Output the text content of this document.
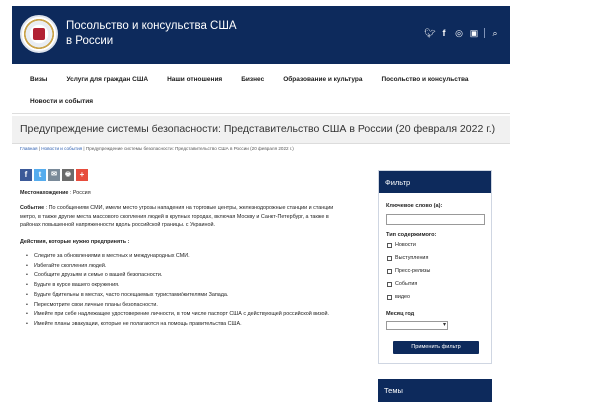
Посольство и консульства США
в России
🐦︎ f	◎ ▣ ⌕
Визы	Услуги для граждан США	Наши отношения	Бизнес	Образование и культура	Посольство и консульства
Новости и события
Предупреждение системы безопасности: Представительство США в России (20 февраля 2022 г.)
Главная | Новости и события | Предупреждение системы безопасности: Представительство США в России (20 февраля 2022 г.)
f	t	✉	🖶	+
Местонахождение : Россия
Событие : По сообщениям СМИ, имели место угрозы нападения на торговые центры, железнодорожные станции и станции метро, в также другие места массового скопления людей в крупных городах, включая Москву и Санкт-Петербург, а также в районах повышенной напряженности вдоль российской границы. с Украиной.
Действия, которые нужно предпринять :
• Следите за обновлениями в местных и международных СМИ.
• Избегайте скопления людей.
• Сообщите друзьям и семье о вашей безопасности.
• Будьте в курсе вашего окружения.
• Будьте бдительны в местах, часто посещаемых туристами/жителями Запада.
• Пересмотрите свои личные планы безопасности.
• Имейте при себе надлежащее удостоверение личности, в том числе паспорт США с действующей российской визой.
• Имейте планы эвакуации, которые не полагаются на помощь правительства США.
Фильтр
Ключевое слово (a):
Тип содержимого:
Новости
Выступления
Пресс-релизы
События
видео
Месяц год
▾
Применить фильтр
Темы
